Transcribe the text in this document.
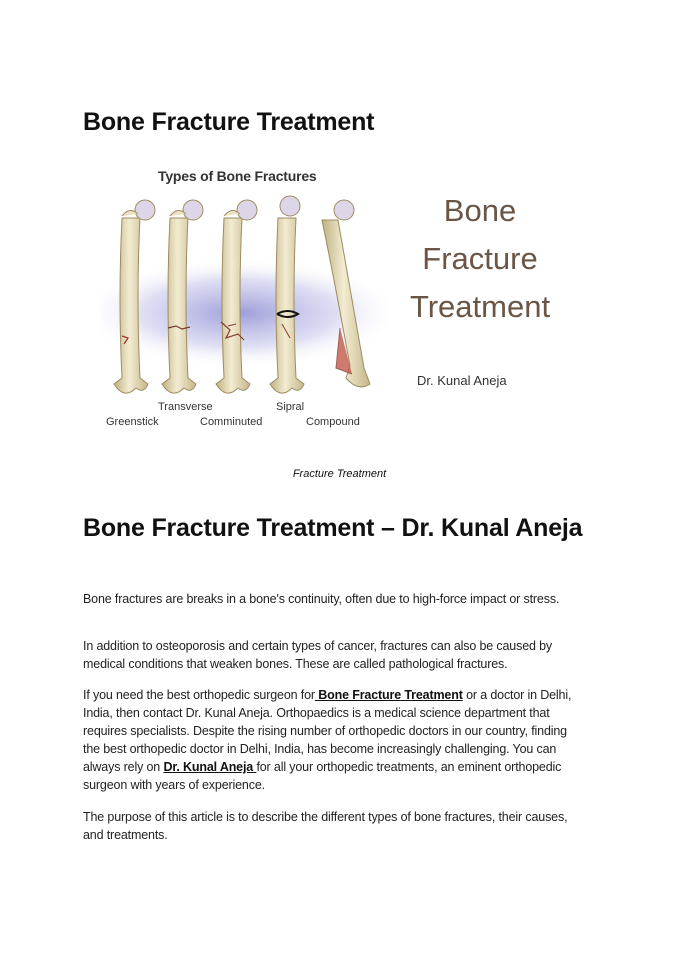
Bone Fracture Treatment
Types of Bone Fractures
Greenstick
Transverse
Comminuted
Sipral
Compound
Bone
Fracture
Treatment
Dr. Kunal Aneja
Fracture Treatment
Bone Fracture Treatment – Dr. Kunal Aneja

Bone fractures are breaks in a bone's continuity, often due to high-force impact or stress.

In addition to osteoporosis and certain types of cancer, fractures can also be caused by medical conditions that weaken bones. These are called pathological fractures.

If you need the best orthopedic surgeon for Bone Fracture Treatment or a doctor in Delhi, India, then contact Dr. Kunal Aneja. Orthopaedics is a medical science department that requires specialists. Despite the rising number of orthopedic doctors in our country, finding the best orthopedic doctor in Delhi, India, has become increasingly challenging. You can always rely on Dr. Kunal Aneja for all your orthopedic treatments, an eminent orthopedic surgeon with years of experience.

The purpose of this article is to describe the different types of bone fractures, their causes, and treatments.
